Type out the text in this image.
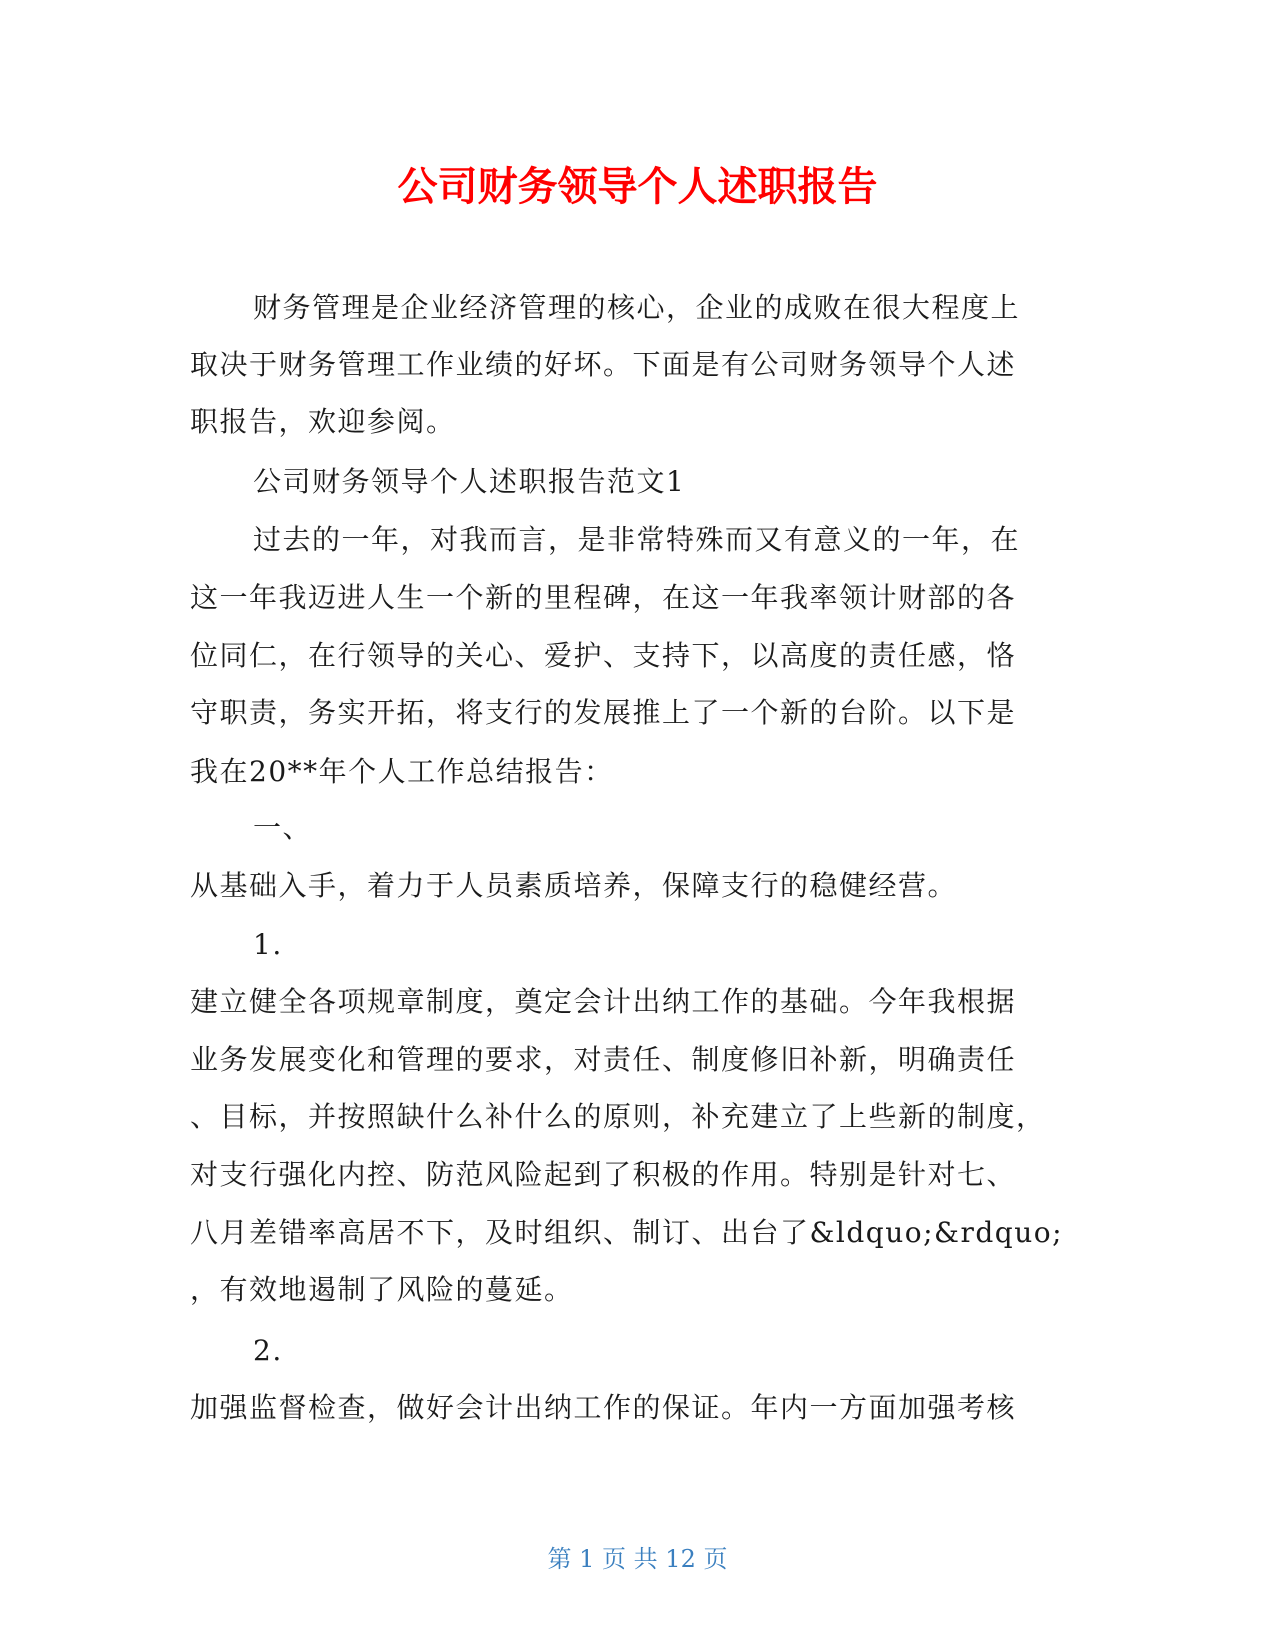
公司财务领导个人述职报告

财务管理是企业经济管理的核心，企业的成败在很大程度上

取决于财务管理工作业绩的好坏。下面是有公司财务领导个人述

职报告，欢迎参阅。

公司财务领导个人述职报告范文1

过去的一年，对我而言，是非常特殊而又有意义的一年，在

这一年我迈进人生一个新的里程碑，在这一年我率领计财部的各

位同仁，在行领导的关心、爱护、支持下，以高度的责任感，恪

守职责，务实开拓，将支行的发展推上了一个新的台阶。以下是

我在20**年个人工作总结报告：

一、

从基础入手，着力于人员素质培养，保障支行的稳健经营。

1.

建立健全各项规章制度，奠定会计出纳工作的基础。今年我根据

业务发展变化和管理的要求，对责任、制度修旧补新，明确责任

、目标，并按照缺什么补什么的原则，补充建立了上些新的制度，

对支行强化内控、防范风险起到了积极的作用。特别是针对七、

八月差错率高居不下，及时组织、制订、出台了&ldquo;&rdquo;

，有效地遏制了风险的蔓延。

2.

加强监督检查，做好会计出纳工作的保证。年内一方面加强考核

第 1 页 共 12 页
